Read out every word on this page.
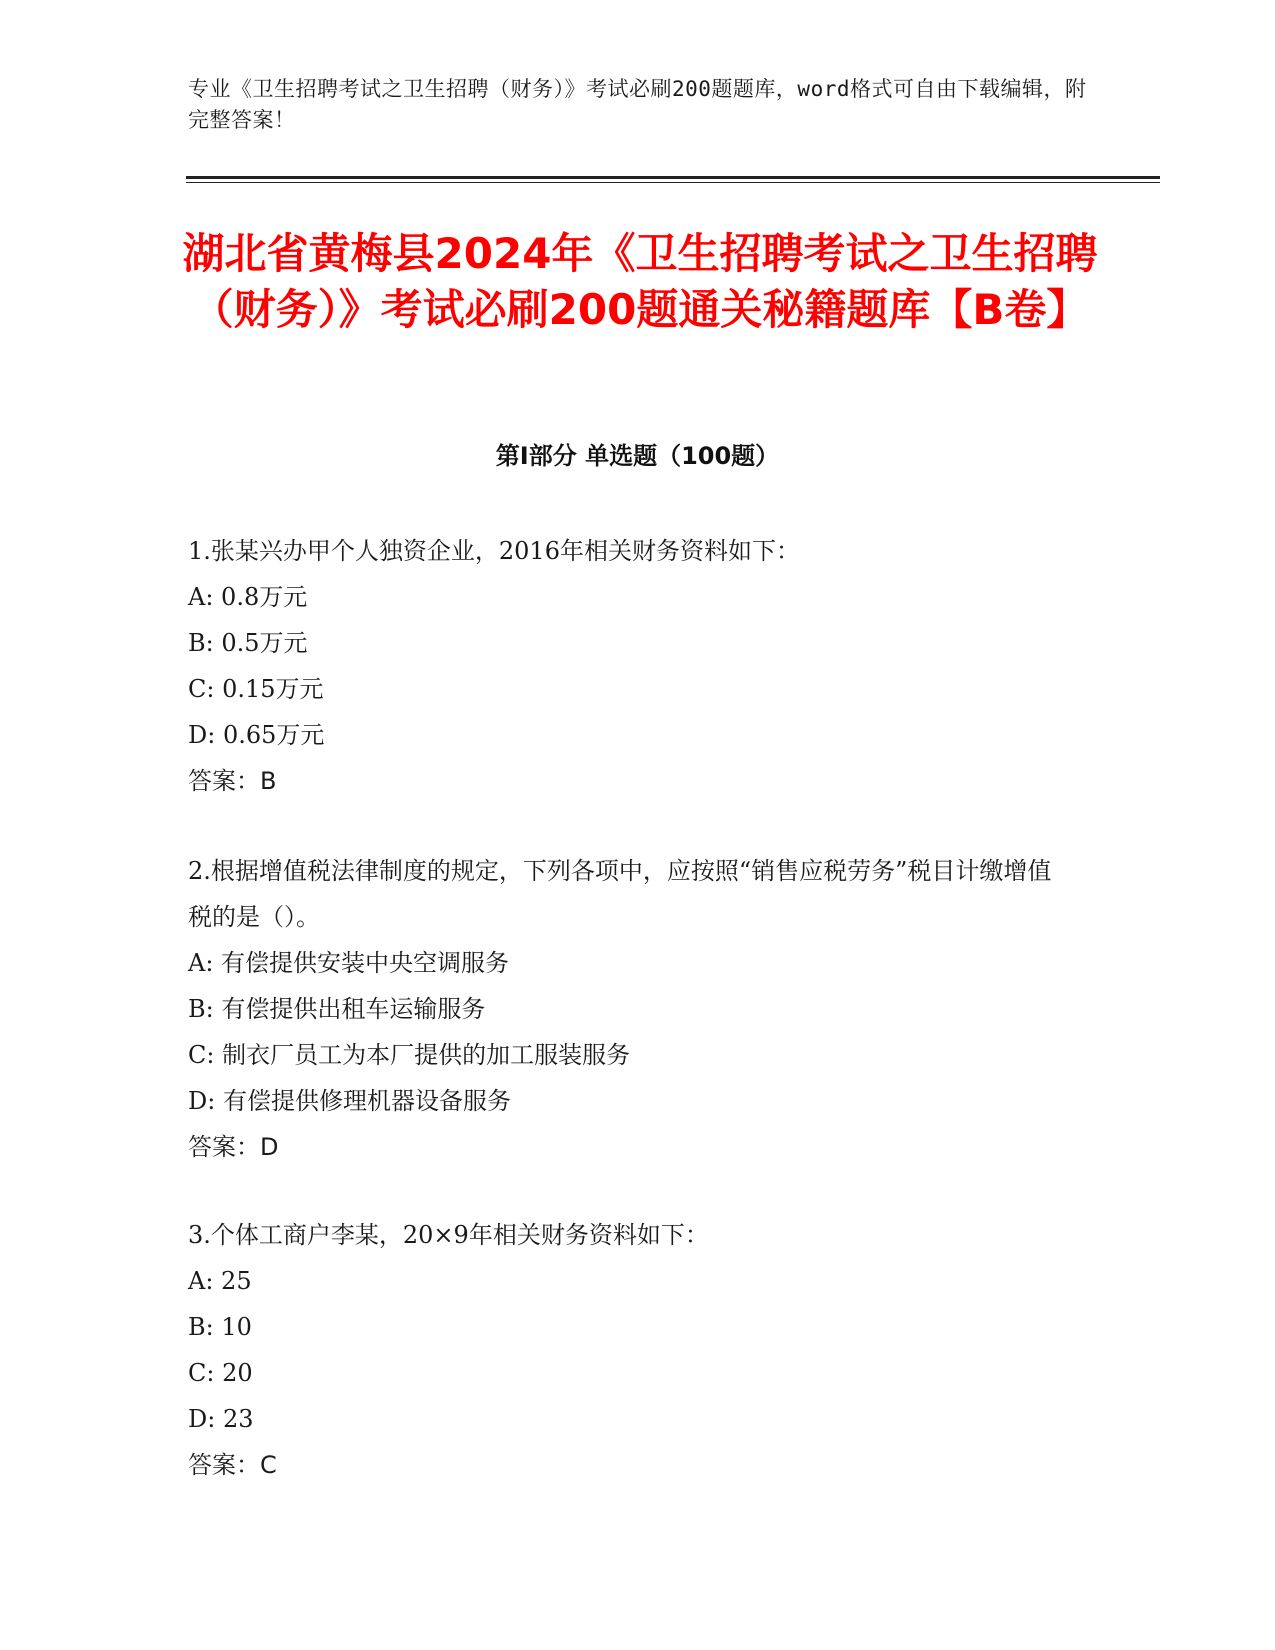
专业《卫生招聘考试之卫生招聘（财务）》考试必刷200题题库，word格式可自由下载编辑，附完整答案！
湖北省黄梅县2024年《卫生招聘考试之卫生招聘（财务）》考试必刷200题通关秘籍题库【B卷】
第Ⅰ部分 单选题（100题）

1.张某兴办甲个人独资企业，2016年相关财务资料如下：

A: 0.8万元

B: 0.5万元

C: 0.15万元

D: 0.65万元

答案：B

2.根据增值税法律制度的规定，下列各项中，应按照“销售应税劳务”税目计缴增值税的是（）。

A: 有偿提供安装中央空调服务

B: 有偿提供出租车运输服务

C: 制衣厂员工为本厂提供的加工服装服务

D: 有偿提供修理机器设备服务

答案：D

3.个体工商户李某，20×9年相关财务资料如下：

A: 25

B: 10

C: 20

D: 23

答案：C
